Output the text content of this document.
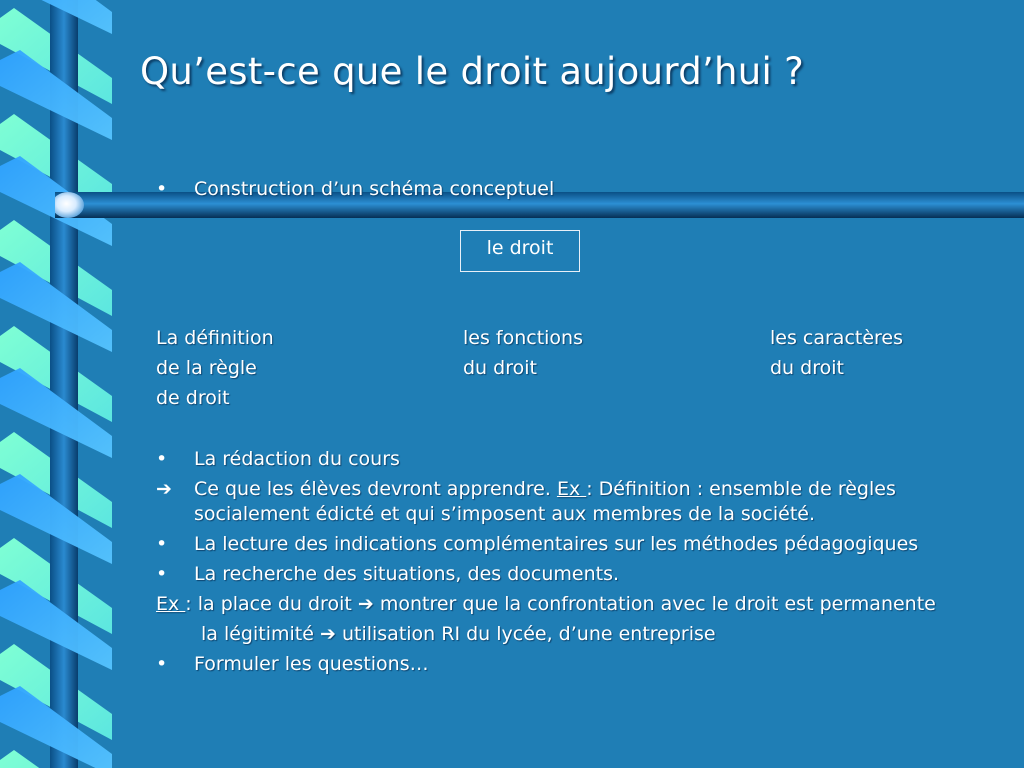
Qu’est-ce que le droit aujourd’hui ?
• Construction d’un schéma conceptuel
le droit
La définition
de la règle
de droit
les fonctions
du droit
les caractères
du droit
• La rédaction du cours
➔ Ce que les élèves devront apprendre. Ex : Définition : ensemble de règles
socialement édicté et qui s’imposent aux membres de la société.
• La lecture des indications complémentaires sur les méthodes pédagogiques
• La recherche des situations, des documents.
Ex : la place du droit ➔ montrer que la confrontation avec le droit est permanente
la légitimité ➔ utilisation RI du lycée, d’une entreprise
• Formuler les questions…
